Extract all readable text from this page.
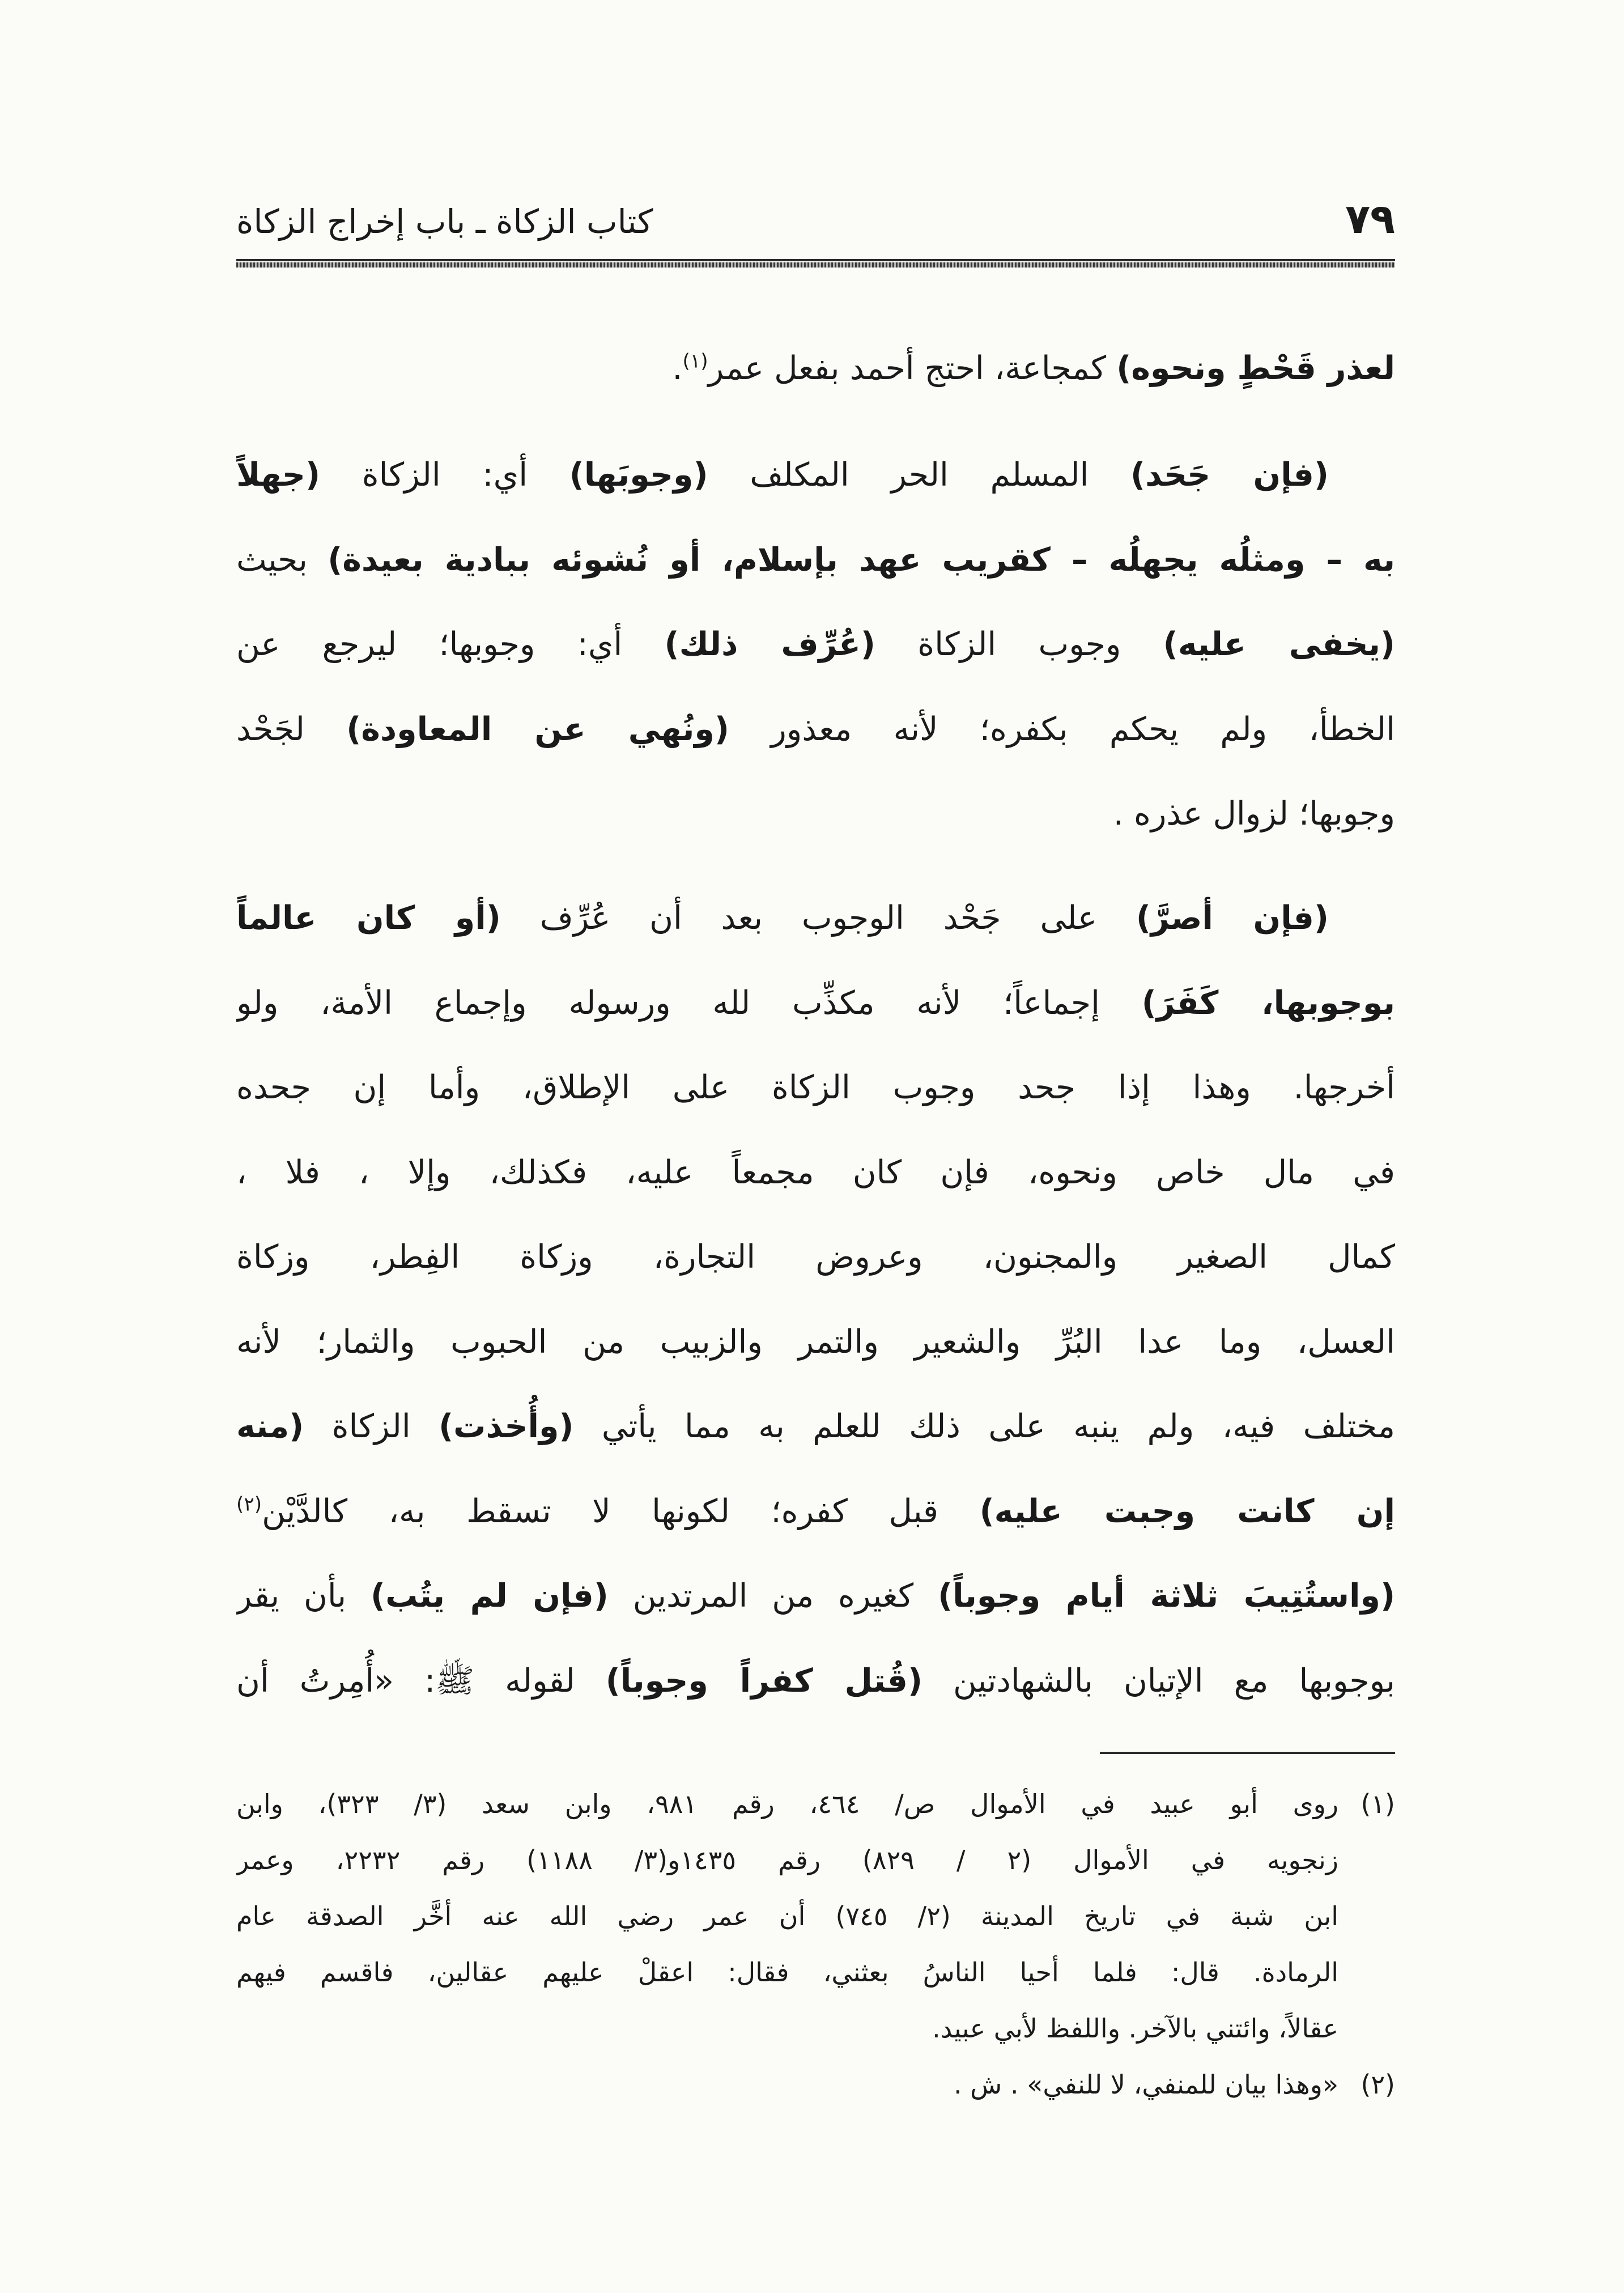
٧٩
كتاب الزكاة ـ باب إخراج الزكاة
لعذر قَحْطٍ ونحوه) كمجاعة، احتج أحمد بفعل عمر$^{(١)}$.
(فإن جَحَد) المسلم الحر المكلف (وجوبَها) أي: الزكاة (جهلاً
به – ومثلُه يجهلُه – كقريب عهد بإسلام، أو نُشوئه ببادية بعيدة) بحيث
(يخفى عليه) وجوب الزكاة (عُرِّف ذلك) أي: وجوبها؛ ليرجع عن
الخطأ، ولم يحكم بكفره؛ لأنه معذور (ونُهي عن المعاودة) لجَحْد
وجوبها؛ لزوال عذره .
(فإن أصرَّ) على جَحْد الوجوب بعد أن عُرِّف (أو كان عالماً
بوجوبها، كَفَرَ) إجماعاً؛ لأنه مكذِّب لله ورسوله وإجماع الأمة، ولو
أخرجها. وهذا إذا جحد وجوب الزكاة على الإطلاق، وأما إن جحده
في مال خاص ونحوه، فإن كان مجمعاً عليه، فكذلك، وإلا ، فلا ،
كمال الصغير والمجنون، وعروض التجارة، وزكاة الفِطر، وزكاة
العسل، وما عدا البُرِّ والشعير والتمر والزبيب من الحبوب والثمار؛ لأنه
مختلف فيه، ولم ينبه على ذلك للعلم به مما يأتي (وأُخذت) الزكاة (منه
إن كانت وجبت عليه) قبل كفره؛ لكونها لا تسقط به، كالدَّيْن$^{(٢)}$
(واستُتِيبَ ثلاثة أيام وجوباً) كغيره من المرتدين (فإن لم يتُب) بأن يقر
بوجوبها مع الإتيان بالشهادتين (قُتل كفراً وجوباً) لقوله ﷺ: «أُمِرتُ أن
(١)
روى أبو عبيد في الأموال ص/ ٤٦٤، رقم ٩٨١، وابن سعد (٣/ ٣٢٣)، وابن
زنجويه في الأموال (٢ / ٨٢٩) رقم ١٤٣٥و(٣/ ١١٨٨) رقم ٢٢٣٢، وعمر
ابن شبة في تاريخ المدينة (٢/ ٧٤٥) أن عمر رضي الله عنه أخَّر الصدقة عام
الرمادة. قال: فلما أحيا الناسُ بعثني، فقال: اعقلْ عليهم عقالين، فاقسم فيهم
عقالاً، وائتني بالآخر. واللفظ لأبي عبيد.
(٢)
«وهذا بيان للمنفي، لا للنفي» . ش .
